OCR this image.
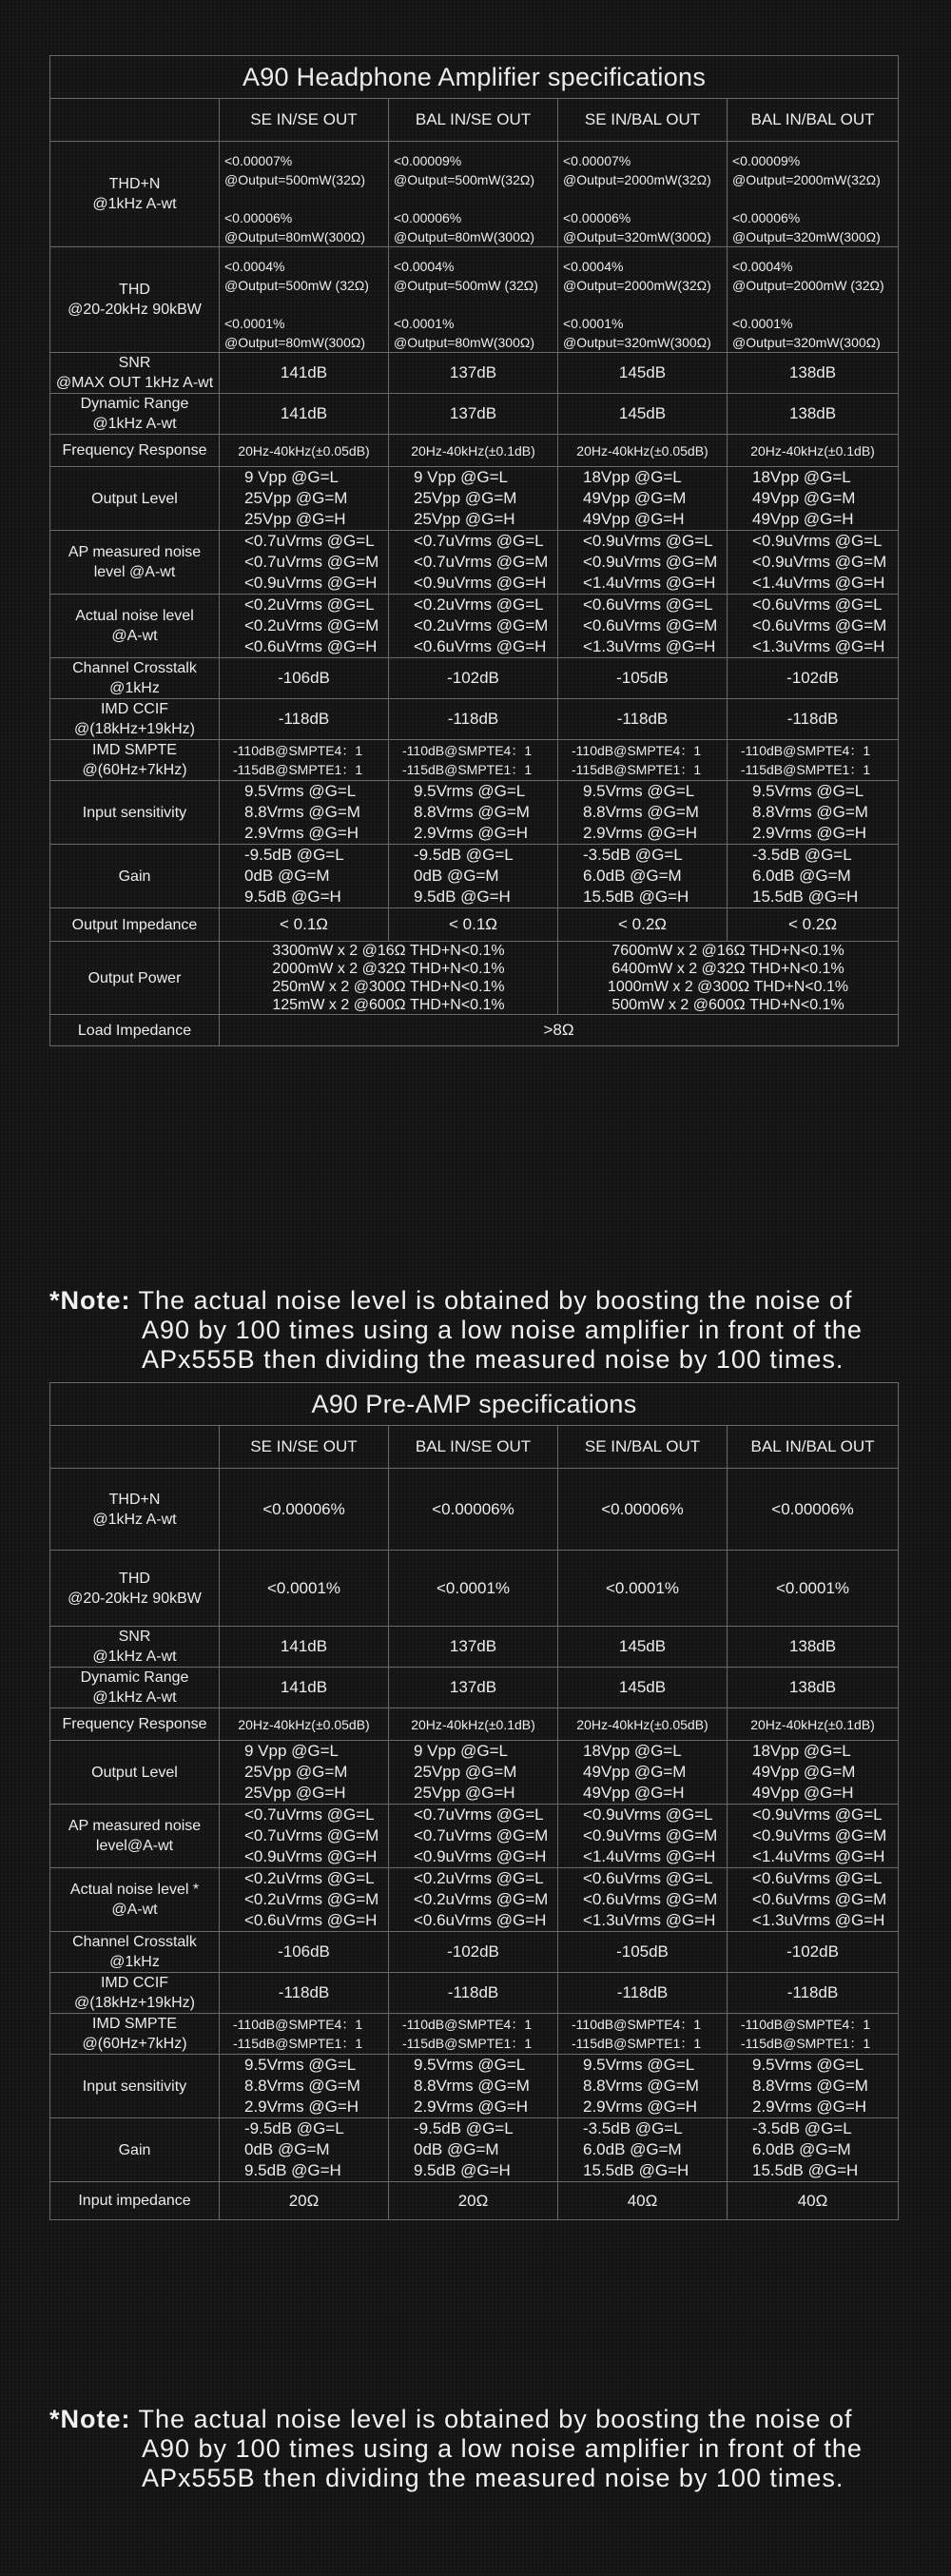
A90 Headphone Amplifier specifications				
	SE IN/SE OUT	BAL IN/SE OUT	SE IN/BAL OUT	BAL IN/BAL OUT
THD+N
@1kHz A-wt	<0.00007%
@Output=500mW(32Ω)

<0.00006%
@Output=80mW(300Ω)	<0.00009%
@Output=500mW(32Ω)

<0.00006%
@Output=80mW(300Ω)	<0.00007%
@Output=2000mW(32Ω)

<0.00006%
@Output=320mW(300Ω)	<0.00009%
@Output=2000mW(32Ω)

<0.00006%
@Output=320mW(300Ω)
THD
@20-20kHz 90kBW	<0.0004%
@Output=500mW (32Ω)

<0.0001%
@Output=80mW(300Ω)	<0.0004%
@Output=500mW (32Ω)

<0.0001%
@Output=80mW(300Ω)	<0.0004%
@Output=2000mW(32Ω)

<0.0001%
@Output=320mW(300Ω)	<0.0004%
@Output=2000mW (32Ω)

<0.0001%
@Output=320mW(300Ω)
SNR
@MAX OUT 1kHz A-wt	141dB	137dB	145dB	138dB
Dynamic Range
@1kHz A-wt	141dB	137dB	145dB	138dB
Frequency Response	20Hz-40kHz(±0.05dB)	20Hz-40kHz(±0.1dB)	20Hz-40kHz(±0.05dB)	20Hz-40kHz(±0.1dB)
Output Level	9 Vpp @G=L
25Vpp @G=M
25Vpp @G=H	9 Vpp @G=L
25Vpp @G=M
25Vpp @G=H	18Vpp @G=L
49Vpp @G=M
49Vpp @G=H	18Vpp @G=L
49Vpp @G=M
49Vpp @G=H
AP measured noise
level @A-wt	<0.7uVrms @G=L
<0.7uVrms @G=M
<0.9uVrms @G=H	<0.7uVrms @G=L
<0.7uVrms @G=M
<0.9uVrms @G=H	<0.9uVrms @G=L
<0.9uVrms @G=M
<1.4uVrms @G=H	<0.9uVrms @G=L
<0.9uVrms @G=M
<1.4uVrms @G=H
Actual noise level
@A-wt	<0.2uVrms @G=L
<0.2uVrms @G=M
<0.6uVrms @G=H	<0.2uVrms @G=L
<0.2uVrms @G=M
<0.6uVrms @G=H	<0.6uVrms @G=L
<0.6uVrms @G=M
<1.3uVrms @G=H	<0.6uVrms @G=L
<0.6uVrms @G=M
<1.3uVrms @G=H
Channel Crosstalk
@1kHz	-106dB	-102dB	-105dB	-102dB
IMD CCIF
@(18kHz+19kHz)	-118dB	-118dB	-118dB	-118dB
IMD SMPTE
@(60Hz+7kHz)	-110dB@SMPTE4：1
-115dB@SMPTE1：1	-110dB@SMPTE4：1
-115dB@SMPTE1：1	-110dB@SMPTE4：1
-115dB@SMPTE1：1	-110dB@SMPTE4：1
-115dB@SMPTE1：1
Input sensitivity	9.5Vrms @G=L
8.8Vrms @G=M
2.9Vrms @G=H	9.5Vrms @G=L
8.8Vrms @G=M
2.9Vrms @G=H	9.5Vrms @G=L
8.8Vrms @G=M
2.9Vrms @G=H	9.5Vrms @G=L
8.8Vrms @G=M
2.9Vrms @G=H
Gain	-9.5dB @G=L
0dB @G=M
9.5dB @G=H	-9.5dB @G=L
0dB @G=M
9.5dB @G=H	-3.5dB @G=L
6.0dB @G=M
15.5dB @G=H	-3.5dB @G=L
6.0dB @G=M
15.5dB @G=H
Output Impedance	< 0.1Ω	< 0.1Ω	< 0.2Ω	< 0.2Ω
Output Power	3300mW x 2 @16Ω THD+N<0.1%
2000mW x 2 @32Ω THD+N<0.1%
250mW x 2 @300Ω THD+N<0.1%
125mW x 2 @600Ω THD+N<0.1%		7600mW x 2 @16Ω THD+N<0.1%
6400mW x 2 @32Ω THD+N<0.1%
1000mW x 2 @300Ω THD+N<0.1%
500mW x 2 @600Ω THD+N<0.1%	
Load Impedance	>8Ω			
*Note: The actual noise level is obtained by boosting the noise of
A90 by 100 times using a low noise amplifier in front of the
APx555B then dividing the measured noise by 100 times.
A90 Pre-AMP specifications				
	SE IN/SE OUT	BAL IN/SE OUT	SE IN/BAL OUT	BAL IN/BAL OUT
THD+N
@1kHz A-wt	<0.00006%	<0.00006%	<0.00006%	<0.00006%
THD
@20-20kHz 90kBW	<0.0001%	<0.0001%	<0.0001%	<0.0001%
SNR
@1kHz A-wt	141dB	137dB	145dB	138dB
Dynamic Range
@1kHz A-wt	141dB	137dB	145dB	138dB
Frequency Response	20Hz-40kHz(±0.05dB)	20Hz-40kHz(±0.1dB)	20Hz-40kHz(±0.05dB)	20Hz-40kHz(±0.1dB)
Output Level	9 Vpp @G=L
25Vpp @G=M
25Vpp @G=H	9 Vpp @G=L
25Vpp @G=M
25Vpp @G=H	18Vpp @G=L
49Vpp @G=M
49Vpp @G=H	18Vpp @G=L
49Vpp @G=M
49Vpp @G=H
AP measured noise
level@A-wt	<0.7uVrms @G=L
<0.7uVrms @G=M
<0.9uVrms @G=H	<0.7uVrms @G=L
<0.7uVrms @G=M
<0.9uVrms @G=H	<0.9uVrms @G=L
<0.9uVrms @G=M
<1.4uVrms @G=H	<0.9uVrms @G=L
<0.9uVrms @G=M
<1.4uVrms @G=H
Actual noise level *
@A-wt	<0.2uVrms @G=L
<0.2uVrms @G=M
<0.6uVrms @G=H	<0.2uVrms @G=L
<0.2uVrms @G=M
<0.6uVrms @G=H	<0.6uVrms @G=L
<0.6uVrms @G=M
<1.3uVrms @G=H	<0.6uVrms @G=L
<0.6uVrms @G=M
<1.3uVrms @G=H
Channel Crosstalk
@1kHz	-106dB	-102dB	-105dB	-102dB
IMD CCIF
@(18kHz+19kHz)	-118dB	-118dB	-118dB	-118dB
IMD SMPTE
@(60Hz+7kHz)	-110dB@SMPTE4：1
-115dB@SMPTE1：1	-110dB@SMPTE4：1
-115dB@SMPTE1：1	-110dB@SMPTE4：1
-115dB@SMPTE1：1	-110dB@SMPTE4：1
-115dB@SMPTE1：1
Input sensitivity	9.5Vrms @G=L
8.8Vrms @G=M
2.9Vrms @G=H	9.5Vrms @G=L
8.8Vrms @G=M
2.9Vrms @G=H	9.5Vrms @G=L
8.8Vrms @G=M
2.9Vrms @G=H	9.5Vrms @G=L
8.8Vrms @G=M
2.9Vrms @G=H
Gain	-9.5dB @G=L
0dB @G=M
9.5dB @G=H	-9.5dB @G=L
0dB @G=M
9.5dB @G=H	-3.5dB @G=L
6.0dB @G=M
15.5dB @G=H	-3.5dB @G=L
6.0dB @G=M
15.5dB @G=H
Input impedance	20Ω	20Ω	40Ω	40Ω
*Note: The actual noise level is obtained by boosting the noise of
A90 by 100 times using a low noise amplifier in front of the
APx555B then dividing the measured noise by 100 times.
